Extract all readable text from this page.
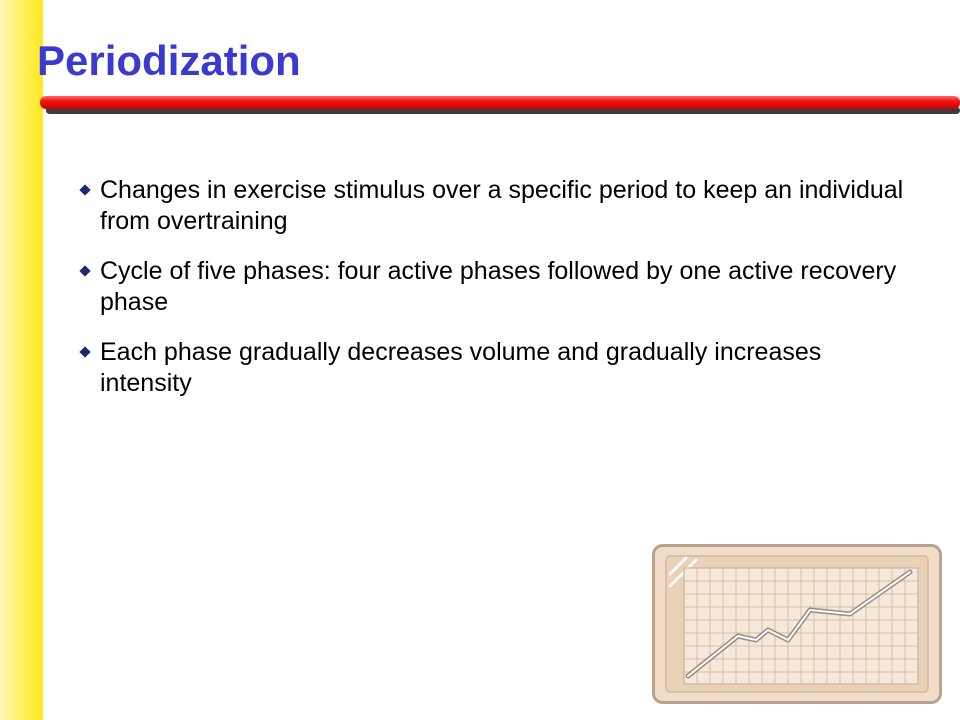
Periodization
Changes in exercise stimulus over a specific period to keep an individual from overtraining
Cycle of five phases: four active phases followed by one active recovery phase
Each phase gradually decreases volume and gradually increases intensity
